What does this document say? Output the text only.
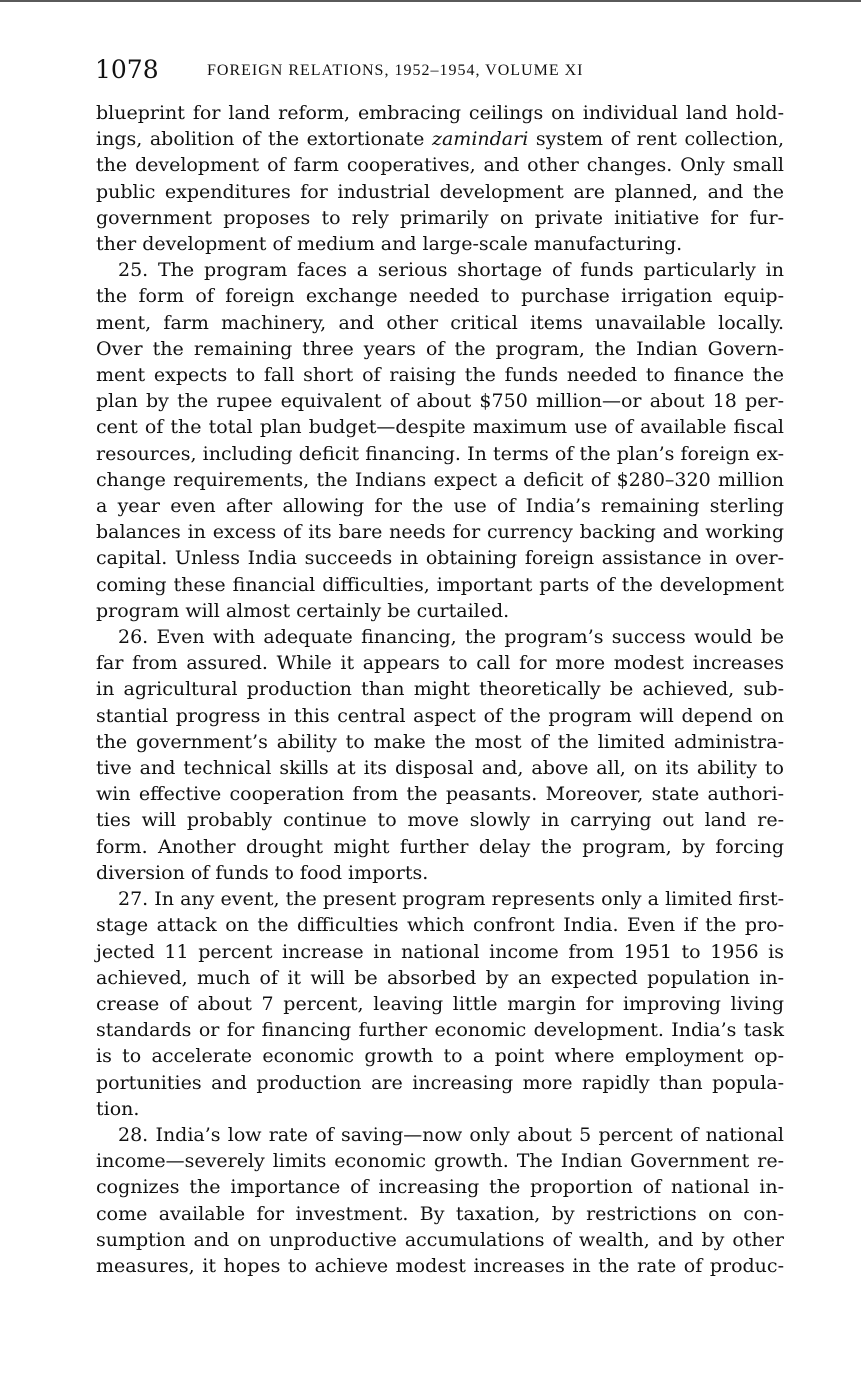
1078	FOREIGN RELATIONS, 1952–1954, VOLUME XI
blueprint for land reform, embracing ceilings on individual land hold-
ings, abolition of the extortionate zamindari system of rent collection,
the development of farm cooperatives, and other changes. Only small
public expenditures for industrial development are planned, and the
government proposes to rely primarily on private initiative for fur-
ther development of medium and large-scale manufacturing.
25. The program faces a serious shortage of funds particularly in
the form of foreign exchange needed to purchase irrigation equip-
ment, farm machinery, and other critical items unavailable locally.
Over the remaining three years of the program, the Indian Govern-
ment expects to fall short of raising the funds needed to finance the
plan by the rupee equivalent of about $750 million—or about 18 per-
cent of the total plan budget—despite maximum use of available fiscal
resources, including deficit financing. In terms of the plan’s foreign ex-
change requirements, the Indians expect a deficit of $280–320 million
a year even after allowing for the use of India’s remaining sterling
balances in excess of its bare needs for currency backing and working
capital. Unless India succeeds in obtaining foreign assistance in over-
coming these financial difficulties, important parts of the development
program will almost certainly be curtailed.
26. Even with adequate financing, the program’s success would be
far from assured. While it appears to call for more modest increases
in agricultural production than might theoretically be achieved, sub-
stantial progress in this central aspect of the program will depend on
the government’s ability to make the most of the limited administra-
tive and technical skills at its disposal and, above all, on its ability to
win effective cooperation from the peasants. Moreover, state authori-
ties will probably continue to move slowly in carrying out land re-
form. Another drought might further delay the program, by forcing
diversion of funds to food imports.
27. In any event, the present program represents only a limited first-
stage attack on the difficulties which confront India. Even if the pro-
jected 11 percent increase in national income from 1951 to 1956 is
achieved, much of it will be absorbed by an expected population in-
crease of about 7 percent, leaving little margin for improving living
standards or for financing further economic development. India’s task
is to accelerate economic growth to a point where employment op-
portunities and production are increasing more rapidly than popula-
tion.
28. India’s low rate of saving—now only about 5 percent of national
income—severely limits economic growth. The Indian Government re-
cognizes the importance of increasing the proportion of national in-
come available for investment. By taxation, by restrictions on con-
sumption and on unproductive accumulations of wealth, and by other
measures, it hopes to achieve modest increases in the rate of produc-
